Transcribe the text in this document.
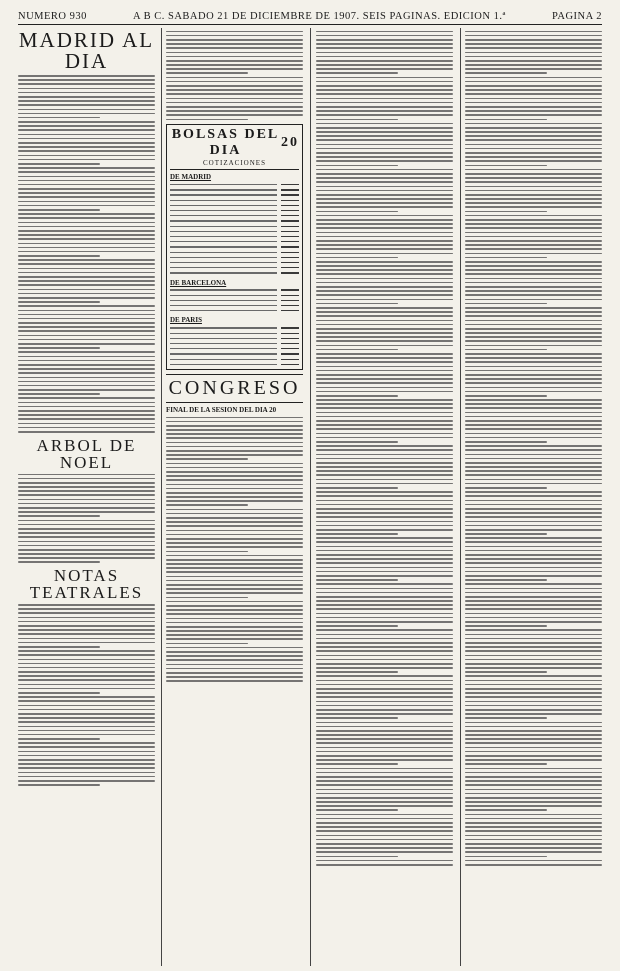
NUMERO 930	A B C. SABADO 21 DE DICIEMBRE DE 1907. SEIS PAGINAS. EDICION 1.ª	PAGINA 2
MADRID AL DIA
ARBOL DE NOEL
NOTAS TEATRALES
BOLSAS DEL DIA
20
COTIZACIONES
DE MADRID
DE BARCELONA
DE PARIS
CONGRESO
FINAL DE LA SESION DEL DIA 20
